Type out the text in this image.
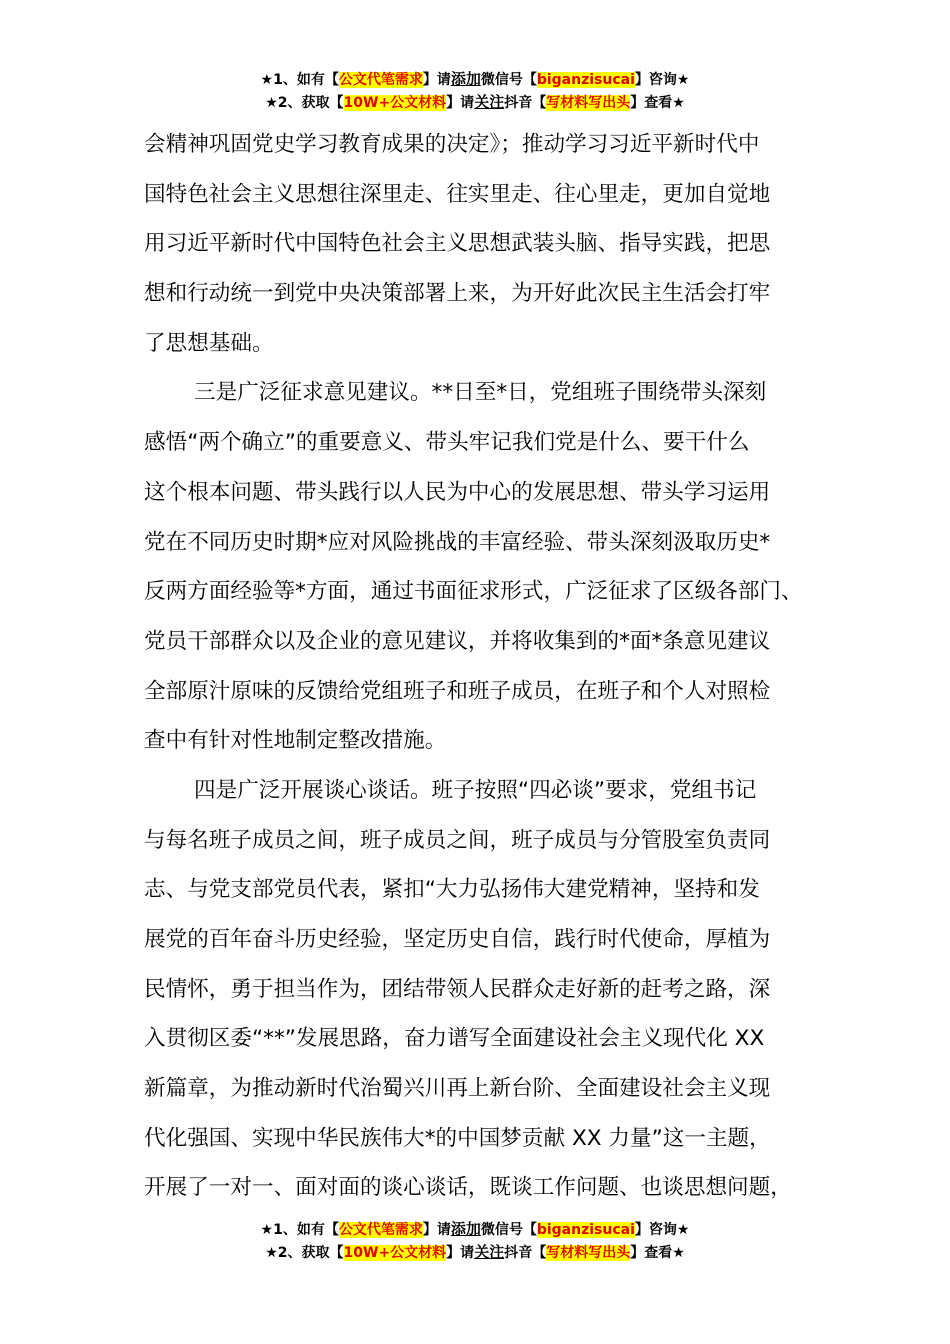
★1、如有【公文代笔需求】请添加微信号【biganzisucai】咨询★
★2、获取【10W+公文材料】请关注抖音【写材料写出头】查看★
会精神巩固党史学习教育成果的决定》；推动学习习近平新时代中
国特色社会主义思想往深里走、往实里走、往心里走，更加自觉地
用习近平新时代中国特色社会主义思想武装头脑、指导实践，把思
想和行动统一到党中央决策部署上来，为开好此次民主生活会打牢
了思想基础。
三是广泛征求意见建议。**日至*日，党组班子围绕带头深刻
感悟“两个确立”的重要意义、带头牢记我们党是什么、要干什么
这个根本问题、带头践行以人民为中心的发展思想、带头学习运用
党在不同历史时期*应对风险挑战的丰富经验、带头深刻汲取历史*
反两方面经验等*方面，通过书面征求形式，广泛征求了区级各部门、
党员干部群众以及企业的意见建议，并将收集到的*面*条意见建议
全部原汁原味的反馈给党组班子和班子成员，在班子和个人对照检
查中有针对性地制定整改措施。
四是广泛开展谈心谈话。班子按照“四必谈”要求，党组书记
与每名班子成员之间，班子成员之间，班子成员与分管股室负责同
志、与党支部党员代表，紧扣“大力弘扬伟大建党精神，坚持和发
展党的百年奋斗历史经验，坚定历史自信，践行时代使命，厚植为
民情怀，勇于担当作为，团结带领人民群众走好新的赶考之路，深
入贯彻区委“**”发展思路，奋力谱写全面建设社会主义现代化 XX
新篇章，为推动新时代治蜀兴川再上新台阶、全面建设社会主义现
代化强国、实现中华民族伟大*的中国梦贡献 XX 力量”这一主题，
开展了一对一、面对面的谈心谈话，既谈工作问题、也谈思想问题，
★1、如有【公文代笔需求】请添加微信号【biganzisucai】咨询★
★2、获取【10W+公文材料】请关注抖音【写材料写出头】查看★
